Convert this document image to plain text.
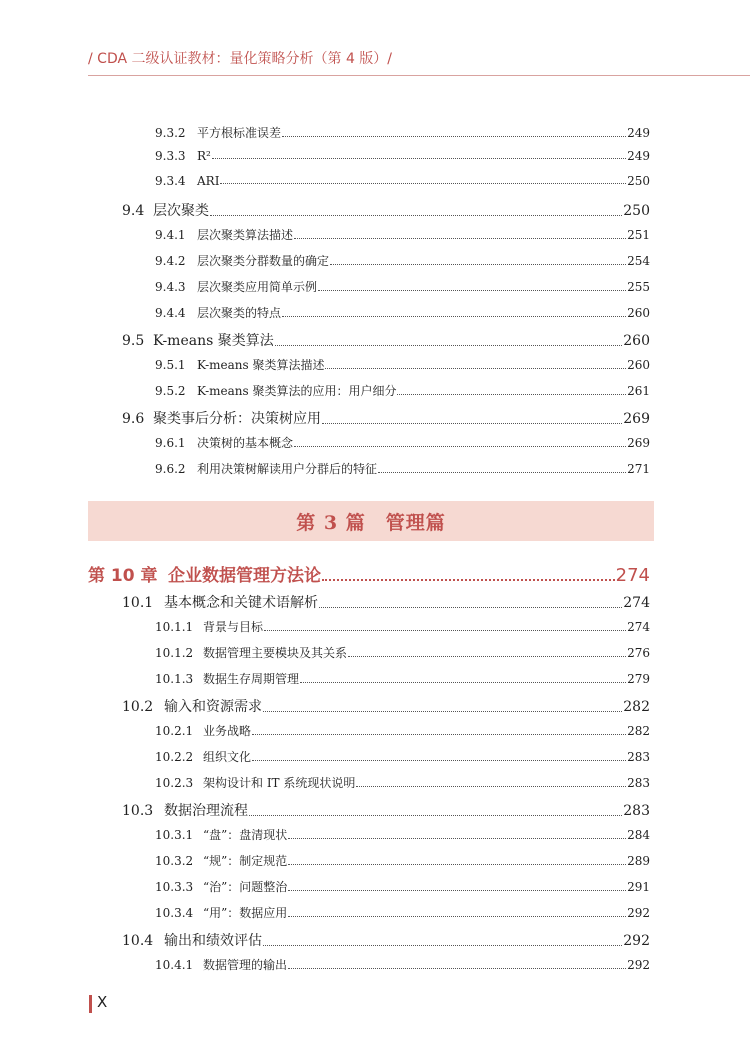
/ CDA 二级认证教材：量化策略分析（第 4 版）/
第 3 篇　管理篇
9.3.2 平方根标准误差	249
9.3.3 R²	249
9.3.4 ARI	250
9.4 层次聚类	250
9.4.1 层次聚类算法描述	251
9.4.2 层次聚类分群数量的确定	254
9.4.3 层次聚类应用简单示例	255
9.4.4 层次聚类的特点	260
9.5 K-means 聚类算法	260
9.5.1 K-means 聚类算法描述	260
9.5.2 K-means 聚类算法的应用：用户细分	261
9.6 聚类事后分析：决策树应用	269
9.6.1 决策树的基本概念	269
9.6.2 利用决策树解读用户分群后的特征	271
第 10 章 企业数据管理方法论	274
10.1 基本概念和关键术语解析	274
10.1.1 背景与目标	274
10.1.2 数据管理主要模块及其关系	276
10.1.3 数据生存周期管理	279
10.2 输入和资源需求	282
10.2.1 业务战略	282
10.2.2 组织文化	283
10.2.3 架构设计和 IT 系统现状说明	283
10.3 数据治理流程	283
10.3.1 “盘”：盘清现状	284
10.3.2 “规”：制定规范	289
10.3.3 “治”：问题整治	291
10.3.4 “用”：数据应用	292
10.4 输出和绩效评估	292
10.4.1 数据管理的输出	292
X
